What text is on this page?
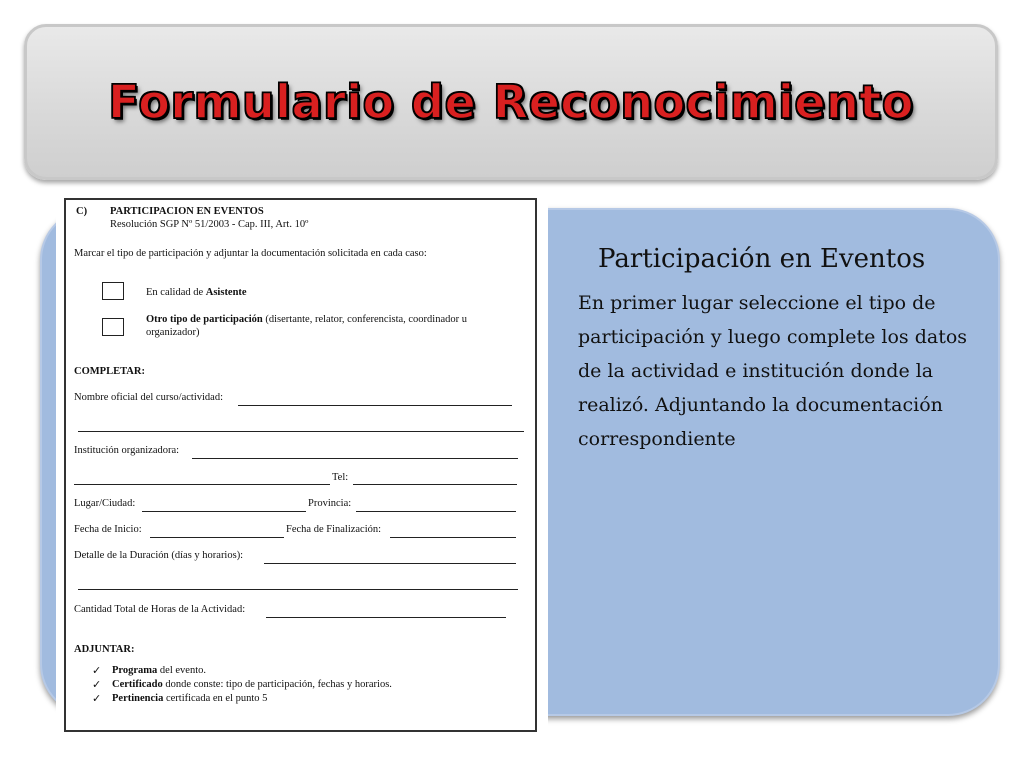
Formulario de Reconocimiento
Participación en Eventos
En primer lugar seleccione el tipo de participación y luego complete los datos de la actividad e institución donde la realizó. Adjuntando la documentación correspondiente
C) PARTICIPACION EN EVENTOS
Resolución SGP Nº 51/2003 - Cap. III, Art. 10º
Marcar el tipo de participación y adjuntar la documentación solicitada en cada caso:
En calidad de Asistente
Otro tipo de participación (disertante, relator, conferencista, coordinador u
organizador)
COMPLETAR:
Nombre oficial del curso/actividad:
Institución organizadora:
Tel:
Lugar/Ciudad:	Provincia:
Fecha de Inicio:	Fecha de Finalización:
Detalle de la Duración (días y horarios):
Cantidad Total de Horas de la Actividad:
ADJUNTAR:
✓ Programa del evento.
✓ Certificado donde conste: tipo de participación, fechas y horarios.
✓ Pertinencia certificada en el punto 5
